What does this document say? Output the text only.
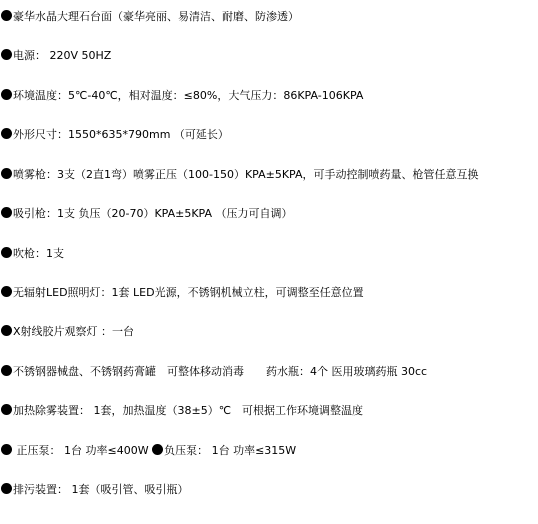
豪华水晶大理石台面（豪华亮丽、易清洁、耐磨、防渗透）
电源： 220V 50HZ
环境温度：5℃-40℃，相对温度：≤80%，大气压力：86KPA-106KPA
外形尺寸：1550*635*790mm （可延长）
喷雾枪：3支（2直1弯）喷雾正压（100-150）KPA±5KPA，可手动控制喷药量、枪管任意互换
吸引枪：1支 负压（20-70）KPA±5KPA （压力可自调）
吹枪：1支
无辐射LED照明灯：1套 LED光源，不锈钢机械立柱，可调整至任意位置
X射线胶片观察灯 ：一台
不锈钢器械盘、不锈钢药膏罐　可整体移动消毒　　药水瓶：4个 医用玻璃药瓶 30cc
加热除雾装置： 1套，加热温度（38±5）℃　可根据工作环境调整温度
正压泵： 1台 功率≤400W 负压泵： 1台 功率≤315W
排污装置： 1套（吸引管、吸引瓶）
